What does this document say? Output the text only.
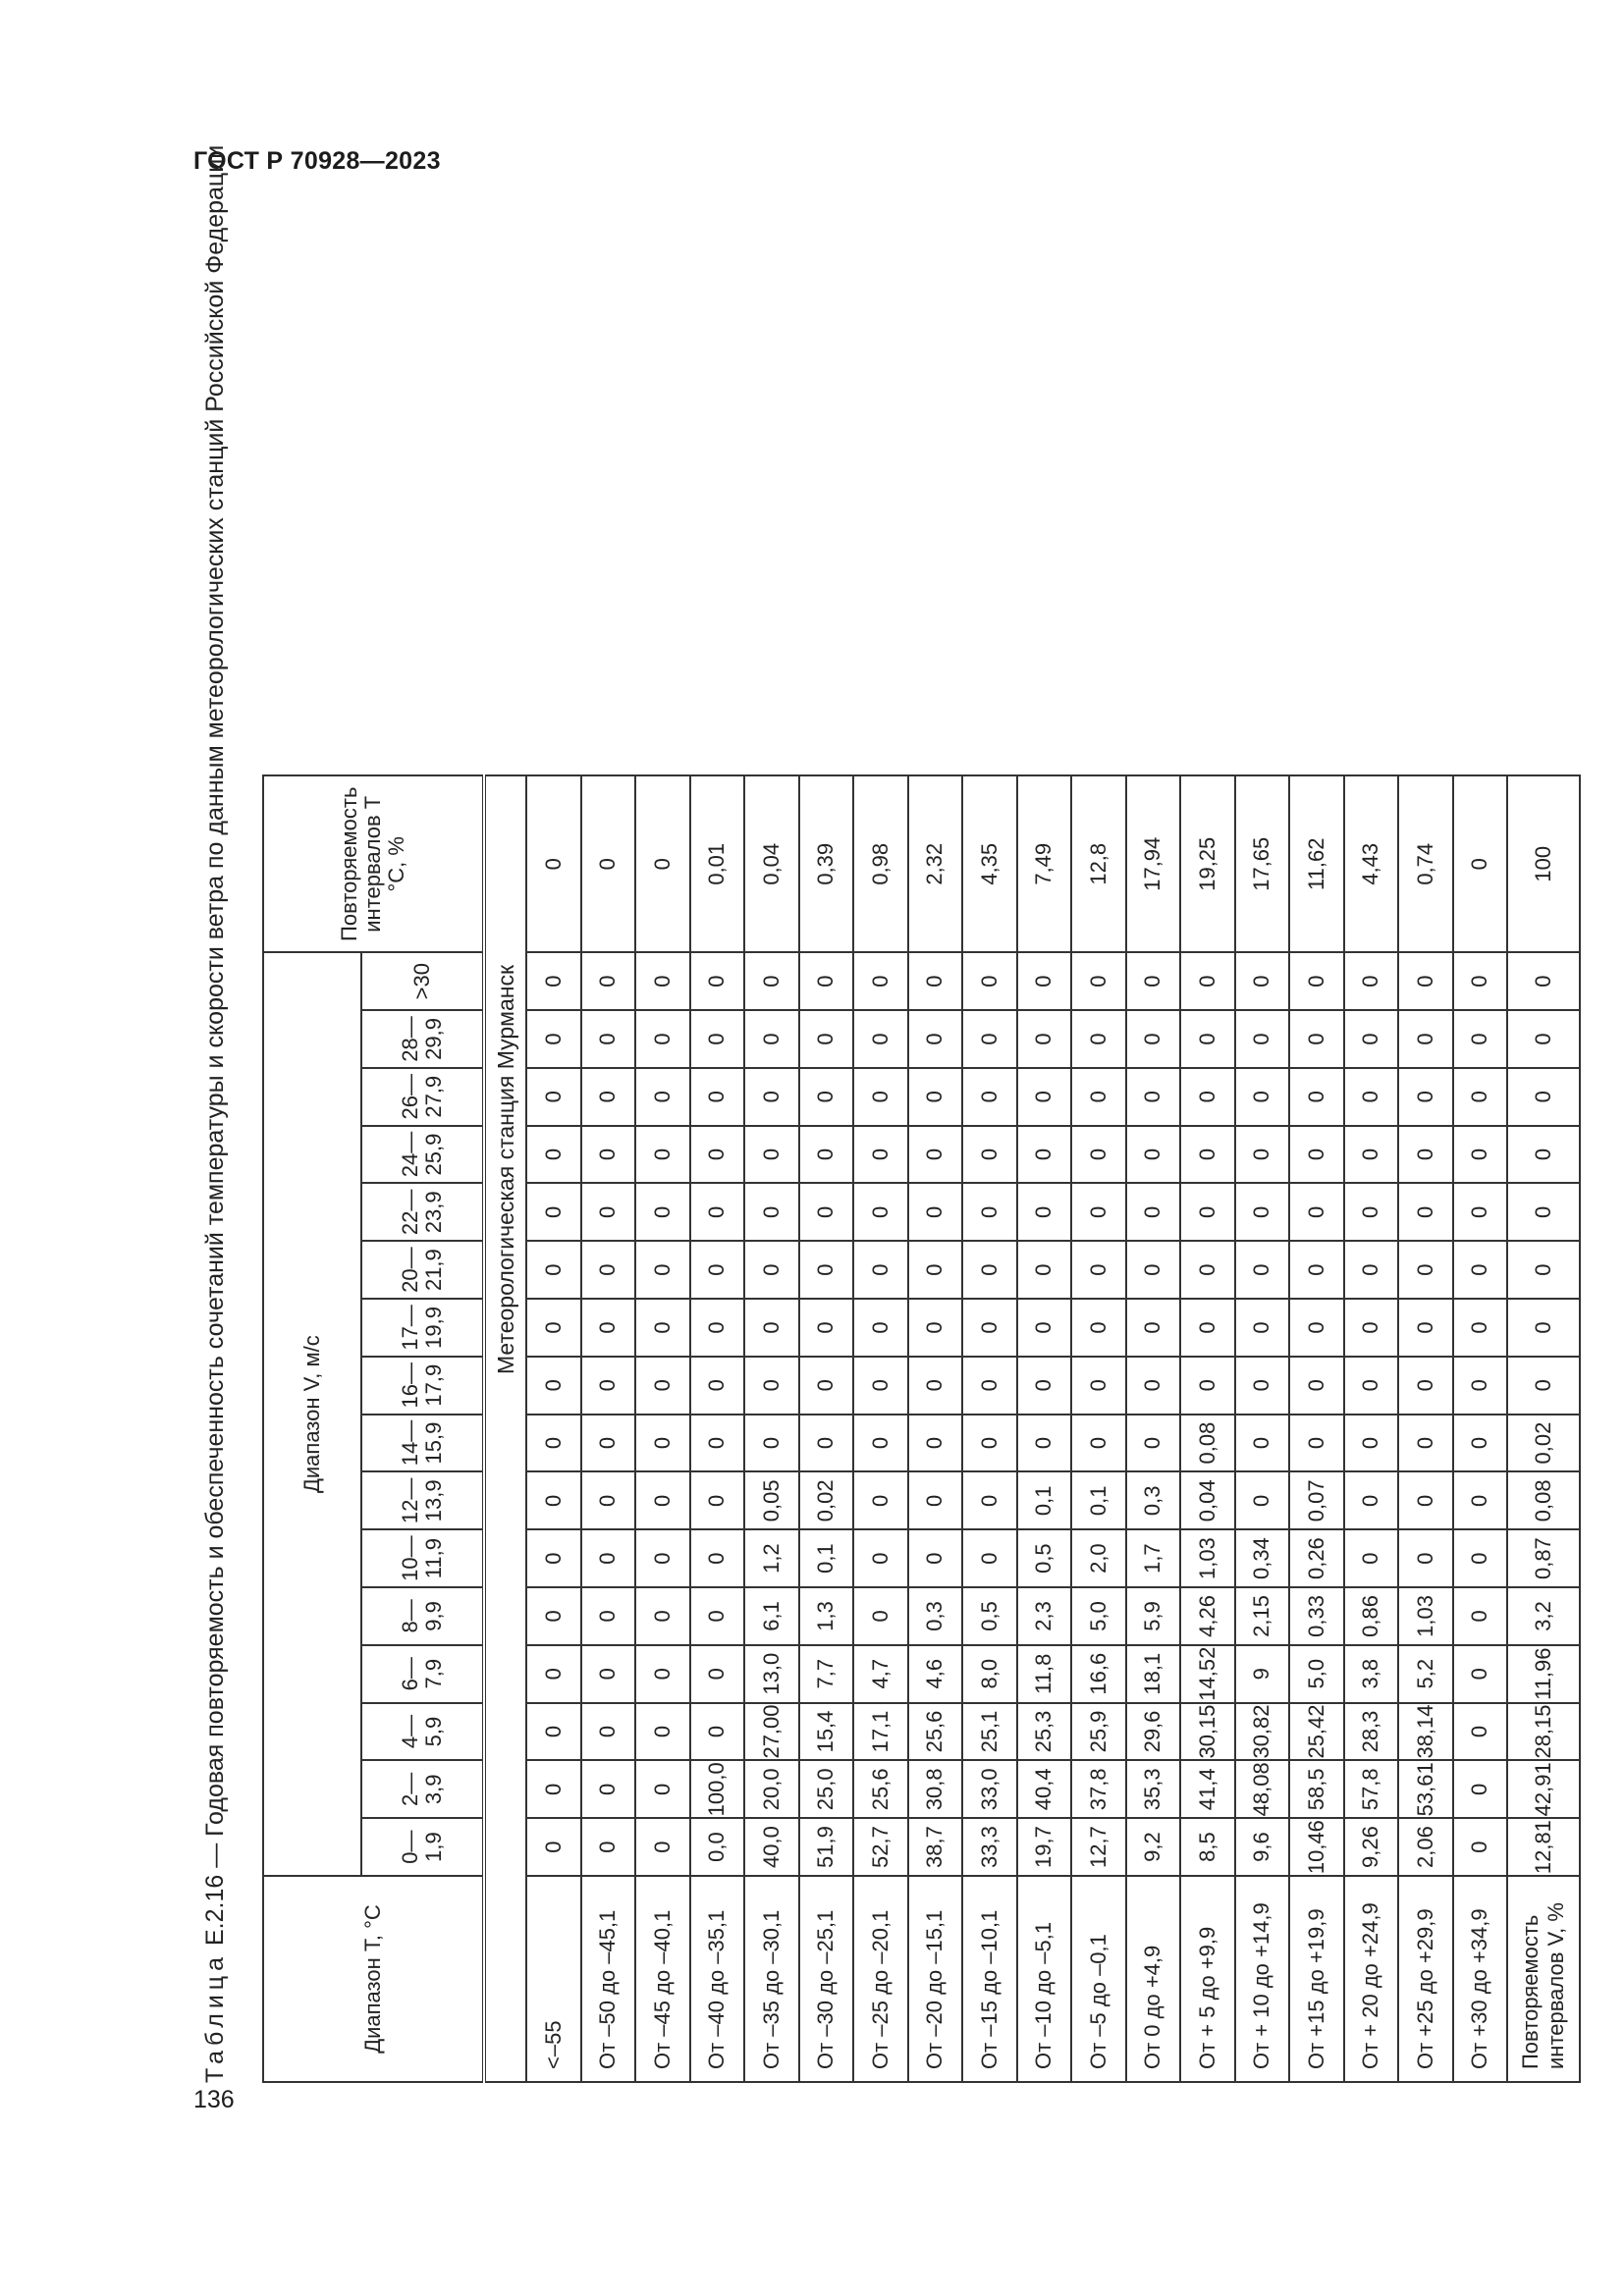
ГОСТ Р 70928—2023
136
Таблица Е.2.16 — Годовая повторяемость и обеспеченность сочетаний температуры и скорости ветра по данным метеорологических станций Российской Федерации
Диапазон T, °C	Диапазон V, м/с																Повторяемость
интервалов T
°C, %
	0—
1,9	2—
3,9	4—
5,9	6—
7,9	8—
9,9	10—
11,9	12—
13,9	14—
15,9	16—
17,9	17—
19,9	20—
21,9	22—
23,9	24—
25,9	26—
27,9	28—
29,9	>30	
Метеорологическая станция Мурманск																	
<–55	0	0	0	0	0	0	0	0	0	0	0	0	0	0	0	0	0
От –50 до –45,1	0	0	0	0	0	0	0	0	0	0	0	0	0	0	0	0	0
От –45 до –40,1	0	0	0	0	0	0	0	0	0	0	0	0	0	0	0	0	0
От –40 до –35,1	0,0	100,0	0	0	0	0	0	0	0	0	0	0	0	0	0	0	0,01
От –35 до –30,1	40,0	20,0	27,00	13,0	6,1	1,2	0,05	0	0	0	0	0	0	0	0	0	0,04
От –30 до –25,1	51,9	25,0	15,4	7,7	1,3	0,1	0,02	0	0	0	0	0	0	0	0	0	0,39
От –25 до –20,1	52,7	25,6	17,1	4,7	0	0	0	0	0	0	0	0	0	0	0	0	0,98
От –20 до –15,1	38,7	30,8	25,6	4,6	0,3	0	0	0	0	0	0	0	0	0	0	0	2,32
От –15 до –10,1	33,3	33,0	25,1	8,0	0,5	0	0	0	0	0	0	0	0	0	0	0	4,35
От –10 до –5,1	19,7	40,4	25,3	11,8	2,3	0,5	0,1	0	0	0	0	0	0	0	0	0	7,49
От –5 до –0,1	12,7	37,8	25,9	16,6	5,0	2,0	0,1	0	0	0	0	0	0	0	0	0	12,8
От 0 до +4,9	9,2	35,3	29,6	18,1	5,9	1,7	0,3	0	0	0	0	0	0	0	0	0	17,94
От + 5 до +9,9	8,5	41,4	30,15	14,52	4,26	1,03	0,04	0,08	0	0	0	0	0	0	0	0	19,25
От + 10 до +14,9	9,6	48,08	30,82	9	2,15	0,34	0	0	0	0	0	0	0	0	0	0	17,65
От +15 до +19,9	10,46	58,5	25,42	5,0	0,33	0,26	0,07	0	0	0	0	0	0	0	0	0	11,62
От + 20 до +24,9	9,26	57,8	28,3	3,8	0,86	0	0	0	0	0	0	0	0	0	0	0	4,43
От +25 до +29,9	2,06	53,61	38,14	5,2	1,03	0	0	0	0	0	0	0	0	0	0	0	0,74
От +30 до +34,9	0	0	0	0	0	0	0	0	0	0	0	0	0	0	0	0	0
Повторяемость интервалов V, %	12,81	42,91	28,15	11,96	3,2	0,87	0,08	0,02	0	0	0	0	0	0	0	0	100
